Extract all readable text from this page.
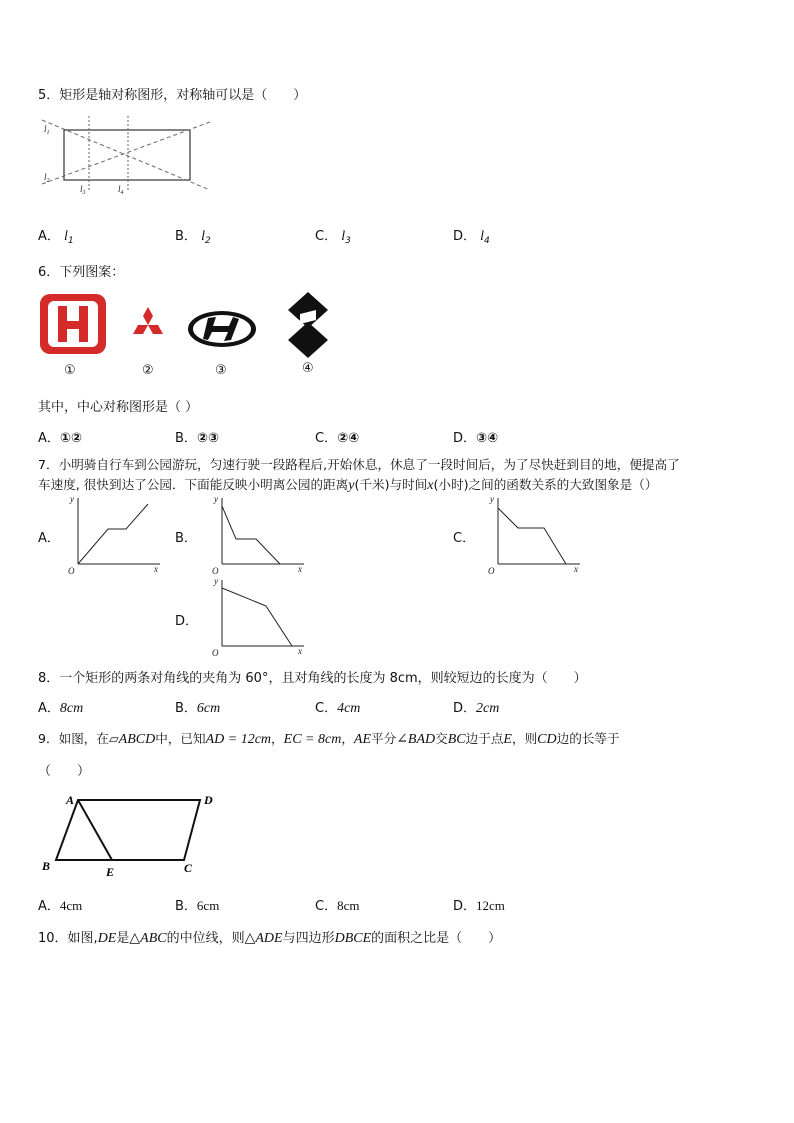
5．矩形是轴对称图形，对称轴可以是（　　）
$l_1$
$l_2$
$l_3$	$l_4$
A． $l_1$	B． $l_2$	C． $l_3$	D． $l_4$
6．下列图案：
①	②	③	④
其中，中心对称图形是（ ）
A．①②	B．②③	C．②④	D．③④
7．小明骑自行车到公园游玩，匀速行驶一段路程后,开始休息，休息了一段时间后，为了尽快赶到目的地，便提高了
车速度, 很快到达了公园．下面能反映小明离公园的距离y(千米)与时间x(小时)之间的函数关系的大致图象是（）
A．	B．	C．
D．
y
x
O
y
x
O
y
x
O
y
x
O
8．一个矩形的两条对角线的夹角为 60°，且对角线的长度为 8cm，则较短边的长度为（　　）
A．8cm	B．6cm	C．4cm	D．2cm
9．如图，在▱ABCD中，已知AD = 12cm，EC = 8cm，AE平分∠BAD交BC边于点E，则CD边的长等于
（　　）
A	D
B	E	C
A．4cm	B．6cm	C．8cm	D．12cm
10．如图,DE是△ABC的中位线，则△ADE与四边形DBCE的面积之比是（　　）
